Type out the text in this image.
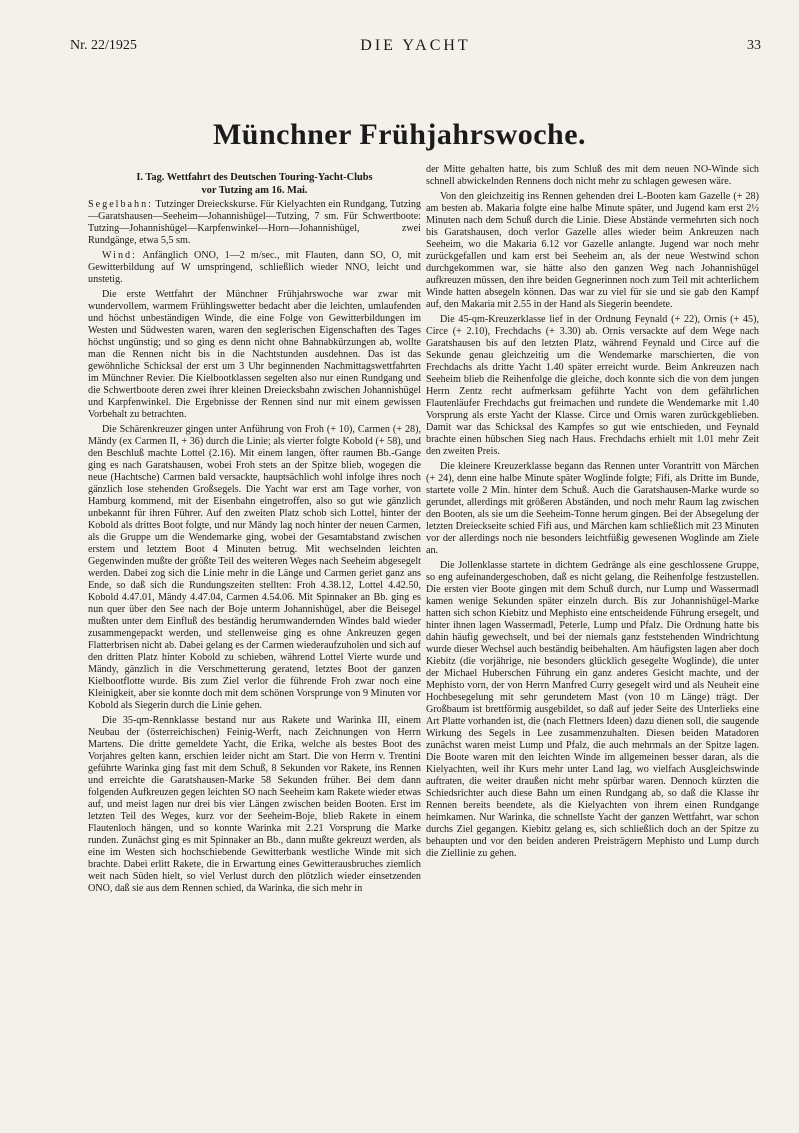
Nr. 22/1925	DIE YACHT	33
Münchner Frühjahrswoche.
I. Tag. Wettfahrt des Deutschen Touring-Yacht-Clubs
vor Tutzing am 16. Mai.

Segelbahn: Tutzinger Dreieckskurse. Für Kielyachten ein Rundgang, Tutzing—Garatshausen—Seeheim—Johannishügel—Tutzing, 7 sm. Für Schwertboote: Tutzing—Johannishügel—Karpfenwinkel—Horn—Johannishügel, zwei Rundgänge, etwa 5,5 sm.

Wind: Anfänglich ONO, 1—2 m/sec., mit Flauten, dann SO, O, mit Gewitterbildung auf W umspringend, schließlich wieder NNO, leicht und unstetig.

Die erste Wettfahrt der Münchner Frühjahrswoche war zwar mit wundervollem, warmem Frühlingswetter bedacht aber die leichten, umlaufenden und höchst unbeständigen Winde, die eine Folge von Gewitterbildungen im Westen und Südwesten waren, waren den seglerischen Eigenschaften des Tages höchst ungünstig; und so ging es denn nicht ohne Bahnabkürzungen ab, wollte man die Rennen nicht bis in die Nachtstunden ausdehnen. Das ist das gewöhnliche Schicksal der erst um 3 Uhr beginnenden Nachmittagswettfahrten im Münchner Revier. Die Kielbootklassen segelten also nur einen Rundgang und die Schwertboote deren zwei ihrer kleinen Dreiecksbahn zwischen Johannishügel und Karpfenwinkel. Die Ergebnisse der Rennen sind nur mit einem gewissen Vorbehalt zu betrachten.

Die Schärenkreuzer gingen unter Anführung von Froh (+ 10), Carmen (+ 28), Mändy (ex Carmen II, + 36) durch die Linie; als vierter folgte Kobold (+ 58), und den Beschluß machte Lottel (2.16). Mit einem langen, öfter raumen Bb.-Gange ging es nach Garatshausen, wobei Froh stets an der Spitze blieb, wogegen die neue (Hachtsche) Carmen bald versackte, hauptsächlich wohl infolge ihres noch gänzlich lose stehenden Großsegels. Die Yacht war erst am Tage vorher, von Hamburg kommend, mit der Eisenbahn eingetroffen, also so gut wie gänzlich unbekannt für ihren Führer. Auf den zweiten Platz schob sich Lottel, hinter der Kobold als drittes Boot folgte, und nur Mändy lag noch hinter der neuen Carmen, als die Gruppe um die Wendemarke ging, wobei der Gesamtabstand zwischen erstem und letztem Boot 4 Minuten betrug. Mit wechselnden leichten Gegenwinden mußte der größte Teil des weiteren Weges nach Seeheim abgesegelt werden. Dabei zog sich die Linie mehr in die Länge und Carmen geriet ganz ans Ende, so daß sich die Rundungszeiten stellten: Froh 4.38.12, Lottel 4.42.50, Kobold 4.47.01, Mändy 4.47.04, Carmen 4.54.06. Mit Spinnaker an Bb. ging es nun quer über den See nach der Boje unterm Johannishügel, aber die Beisegel mußten unter dem Einfluß des beständig herumwandernden Windes bald wieder zusammengepackt werden, und stellenweise ging es ohne Ankreuzen gegen Flatterbrisen nicht ab. Dabei gelang es der Carmen wiederaufzuholen und sich auf den dritten Platz hinter Kobold zu schieben, während Lottel Vierte wurde und Mändy, gänzlich in die Verschmetterung geratend, letztes Boot der ganzen Kielbootflotte wurde. Bis zum Ziel verlor die führende Froh zwar noch eine Kleinigkeit, aber sie konnte doch mit dem schönen Vorsprunge von 9 Minuten vor Kobold als Siegerin durch die Linie gehen.

Die 35-qm-Rennklasse bestand nur aus Rakete und Warinka III, einem Neubau der (österreichischen) Feinig-Werft, nach Zeichnungen von Herrn Martens. Die dritte gemeldete Yacht, die Erika, welche als bestes Boot des Vorjahres gelten kann, erschien leider nicht am Start. Die von Herrn v. Trentini geführte Warinka ging fast mit dem Schuß, 8 Sekunden vor Rakete, ins Rennen und erreichte die Garatshausen-Marke 58 Sekunden früher. Bei dem dann folgenden Aufkreuzen gegen leichten SO nach Seeheim kam Rakete wieder etwas auf, und meist lagen nur drei bis vier Längen zwischen beiden Booten. Erst im letzten Teil des Weges, kurz vor der Seeheim-Boje, blieb Rakete in einem Flautenloch hängen, und so konnte Warinka mit 2.21 Vorsprung die Marke runden. Zunächst ging es mit Spinnaker an Bb., dann mußte gekreuzt werden, als eine im Westen sich hochschiebende Gewitterbank westliche Winde mit sich brachte. Dabei erlitt Rakete, die in Erwartung eines Gewitterausbruches ziemlich weit nach Süden hielt, so viel Verlust durch den plötzlich wieder einsetzenden ONO, daß sie aus dem Rennen schied, da Warinka, die sich mehr in

der Mitte gehalten hatte, bis zum Schluß des mit dem neuen NO-Winde sich schnell abwickelnden Rennens doch nicht mehr zu schlagen gewesen wäre.

Von den gleichzeitig ins Rennen gehenden drei L-Booten kam Gazelle (+ 28) am besten ab. Makaria folgte eine halbe Minute später, und Jugend kam erst 2½ Minuten nach dem Schuß durch die Linie. Diese Abstände vermehrten sich noch bis Garatshausen, doch verlor Gazelle alles wieder beim Ankreuzen nach Seeheim, wo die Makaria 6.12 vor Gazelle anlangte. Jugend war noch mehr zurückgefallen und kam erst bei Seeheim an, als der neue Westwind schon durchgekommen war, sie hätte also den ganzen Weg nach Johannishügel aufkreuzen müssen, den ihre beiden Gegnerinnen noch zum Teil mit achterlichem Winde hatten absegeln können. Das war zu viel für sie und sie gab den Kampf auf, den Makaria mit 2.55 in der Hand als Siegerin beendete.

Die 45-qm-Kreuzerklasse lief in der Ordnung Feynald (+ 22), Ornis (+ 45), Circe (+ 2.10), Frechdachs (+ 3.30) ab. Ornis versackte auf dem Wege nach Garatshausen bis auf den letzten Platz, während Feynald und Circe auf die Sekunde genau gleichzeitig um die Wendemarke marschierten, die von Frechdachs als dritte Yacht 1.40 später erreicht wurde. Beim Ankreuzen nach Seeheim blieb die Reihenfolge die gleiche, doch konnte sich die von dem jungen Herrn Zentz recht aufmerksam geführte Yacht von dem gefährlichen Flautenläufer Frechdachs gut freimachen und rundete die Wendemarke mit 1.40 Vorsprung als erste Yacht der Klasse. Circe und Ornis waren zurückgeblieben. Damit war das Schicksal des Kampfes so gut wie entschieden, und Feynald brachte einen hübschen Sieg nach Haus. Frechdachs erhielt mit 1.01 mehr Zeit den zweiten Preis.

Die kleinere Kreuzerklasse begann das Rennen unter Vorantritt von Märchen (+ 24), denn eine halbe Minute später Woglinde folgte; Fifi, als Dritte im Bunde, startete volle 2 Min. hinter dem Schuß. Auch die Garatshausen-Marke wurde so gerundet, allerdings mit größeren Abständen, und noch mehr Raum lag zwischen den Booten, als sie um die Seeheim-Tonne herum gingen. Bei der Absegelung der letzten Dreieckseite schied Fifi aus, und Märchen kam schließlich mit 23 Minuten vor der allerdings noch nie besonders leichtfüßig gewesenen Woglinde am Ziele an.

Die Jollenklasse startete in dichtem Gedränge als eine geschlossene Gruppe, so eng aufeinandergeschoben, daß es nicht gelang, die Reihenfolge festzustellen. Die ersten vier Boote gingen mit dem Schuß durch, nur Lump und Wassermadl kamen wenige Sekunden später einzeln durch. Bis zur Johannishügel-Marke hatten sich schon Kiebitz und Mephisto eine entscheidende Führung ersegelt, und hinter ihnen lagen Wassermadl, Peterle, Lump und Pfalz. Die Ordnung hatte bis dahin häufig gewechselt, und bei der niemals ganz feststehenden Windrichtung wurde dieser Wechsel auch beständig beibehalten. Am häufigsten lagen aber doch Kiebitz (die vorjährige, nie besonders glücklich gesegelte Woglinde), die unter der Michael Huberschen Führung ein ganz anderes Gesicht machte, und der Mephisto vorn, der von Herrn Manfred Curry gesegelt wird und als Neuheit eine Hochbesegelung mit sehr gerundetem Mast (von 10 m Länge) trägt. Der Großbaum ist brettförmig ausgebildet, so daß auf jeder Seite des Unterlieks eine Art Platte vorhanden ist, die (nach Flettners Ideen) dazu dienen soll, die saugende Wirkung des Segels in Lee zusammenzuhalten. Diesen beiden Matadoren zunächst waren meist Lump und Pfalz, die auch mehrmals an der Spitze lagen. Die Boote waren mit den leichten Winde im allgemeinen besser daran, als die Kielyachten, weil ihr Kurs mehr unter Land lag, wo vielfach Ausgleichswinde auftraten, die weiter draußen nicht mehr spürbar waren. Dennoch kürzten die Schiedsrichter auch diese Bahn um einen Rundgang ab, so daß die Klasse ihr Rennen bereits beendete, als die Kielyachten von ihrem einen Rundgange heimkamen. Nur Warinka, die schnellste Yacht der ganzen Wettfahrt, war schon durchs Ziel gegangen. Kiebitz gelang es, sich schließlich doch an der Spitze zu behaupten und vor den beiden anderen Preisträgern Mephisto und Lump durch die Ziellinie zu gehen.
